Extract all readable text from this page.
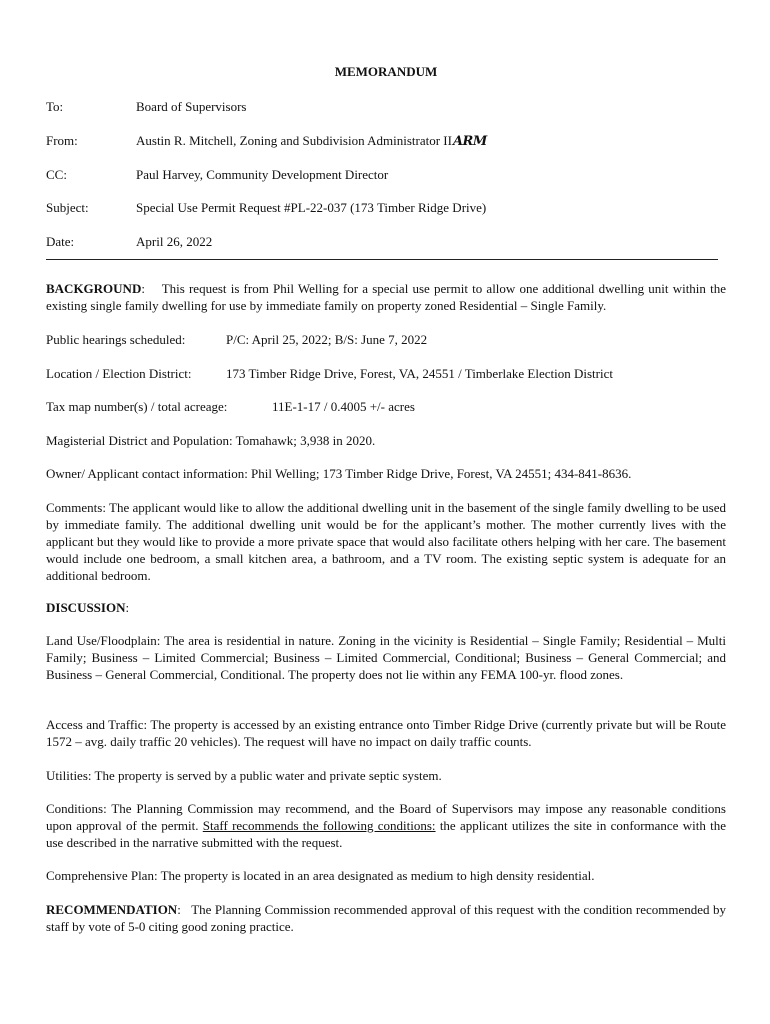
MEMORANDUM
To:	Board of Supervisors
From:	Austin R. Mitchell, Zoning and Subdivision Administrator IIARM
CC:	Paul Harvey, Community Development Director
Subject:	Special Use Permit Request #PL-22-037 (173 Timber Ridge Drive)
Date:	April 26, 2022
BACKGROUND:    This request is from Phil Welling for a special use permit to allow one additional dwelling unit within the existing single family dwelling for use by immediate family on property zoned Residential – Single Family.
Public hearings scheduled:	P/C: April 25, 2022; B/S: June 7, 2022
Location / Election District:	173 Timber Ridge Drive, Forest, VA, 24551 / Timberlake Election District
Tax map number(s) / total acreage:	11E-1-17 / 0.4005 +/- acres
Magisterial District and Population: Tomahawk; 3,938 in 2020.
Owner/ Applicant contact information: Phil Welling; 173 Timber Ridge Drive, Forest, VA 24551; 434-841-8636.
Comments: The applicant would like to allow the additional dwelling unit in the basement of the single family dwelling to be used by immediate family. The additional dwelling unit would be for the applicant’s mother. The mother currently lives with the applicant but they would like to provide a more private space that would also facilitate others helping with her care. The basement would include one bedroom, a small kitchen area, a bathroom, and a TV room. The existing septic system is adequate for an additional bedroom.
DISCUSSION:
Land Use/Floodplain: The area is residential in nature. Zoning in the vicinity is Residential – Single Family; Residential – Multi Family; Business – Limited Commercial; Business – Limited Commercial, Conditional; Business – General Commercial; and Business – General Commercial, Conditional. The property does not lie within any FEMA 100-yr. flood zones.
Access and Traffic: The property is accessed by an existing entrance onto Timber Ridge Drive (currently private but will be Route 1572 – avg. daily traffic 20 vehicles). The request will have no impact on daily traffic counts.
Utilities: The property is served by a public water and private septic system.
Conditions: The Planning Commission may recommend, and the Board of Supervisors may impose any reasonable conditions upon approval of the permit. Staff recommends the following conditions: the applicant utilizes the site in conformance with the use described in the narrative submitted with the request.
Comprehensive Plan: The property is located in an area designated as medium to high density residential.
RECOMMENDATION:   The Planning Commission recommended approval of this request with the condition recommended by staff by vote of 5-0 citing good zoning practice.
